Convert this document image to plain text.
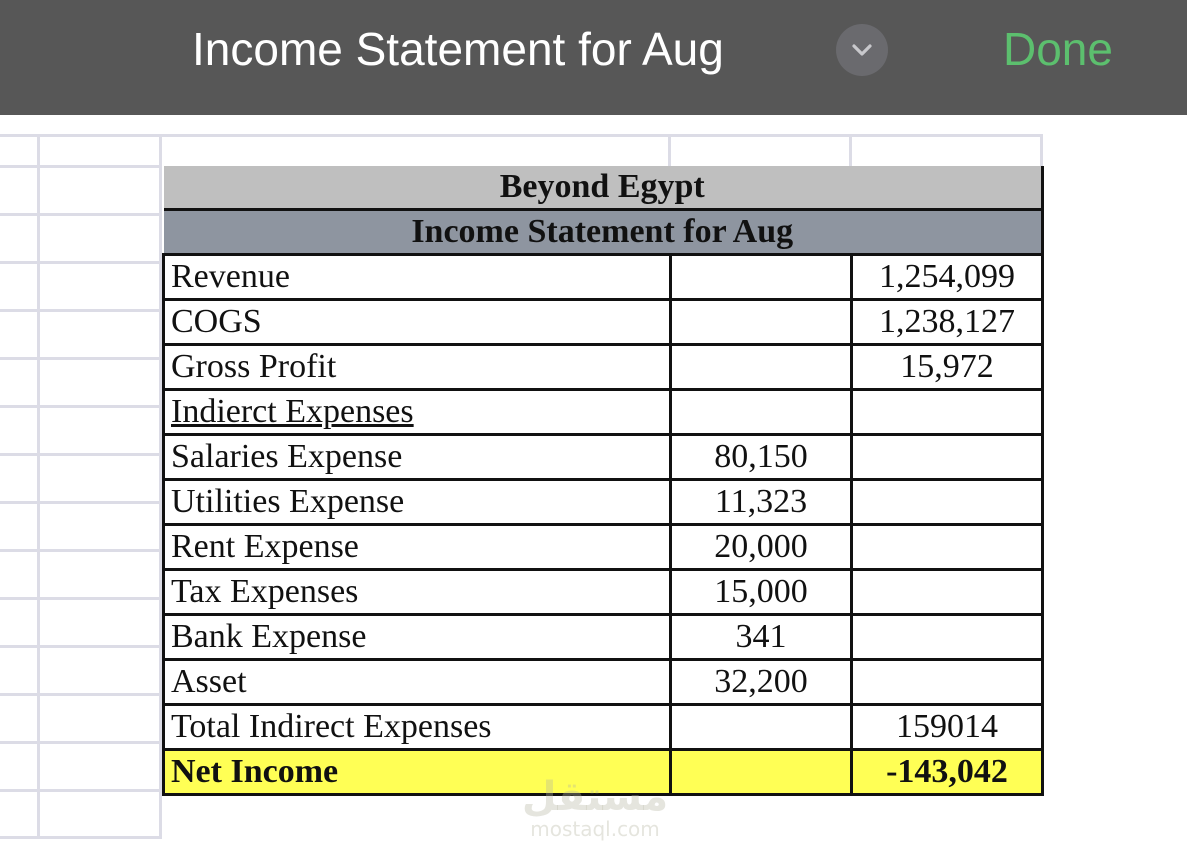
Income Statement for Aug	Done
Beyond Egypt		
Income Statement for Aug		
Revenue		1,254,099
COGS		1,238,127
Gross Profit		15,972
Indierct Expenses		
Salaries Expense	80,150	
Utilities Expense	11,323	
Rent Expense	20,000	
Tax Expenses	15,000	
Bank Expense	341	
Asset	32,200	
Total Indirect Expenses		159014
Net Income		-143,042
مستقل
mostaql.com
